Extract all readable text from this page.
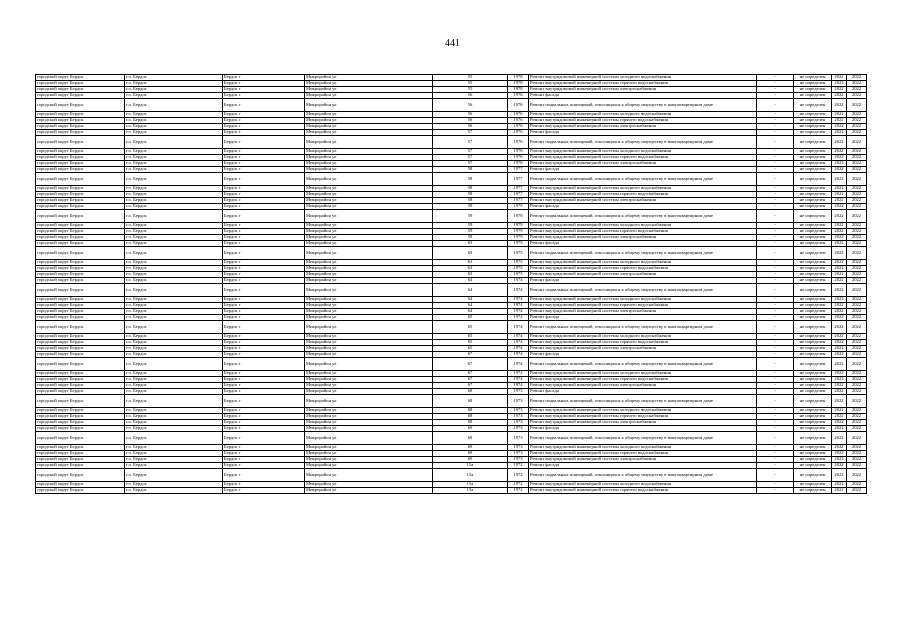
441
городской округ Бердск	г.о. Бердск	Бердск г	Микрорайон ул	55	1978	Ремонт внутридомовой инженерной системы холодного водоснабжения	-	не определен	2022	2022
городской округ Бердск	г.о. Бердск	Бердск г	Микрорайон ул	55	1978	Ремонт внутридомовой инженерной системы горячего водоснабжения	-	не определен	2022	2022
городской округ Бердск	г.о. Бердск	Бердск г	Микрорайон ул	55	1978	Ремонт внутридомовой инженерной системы электроснабжения	-	не определен	2022	2022
городской округ Бердск	г.о. Бердск	Бердск г	Микрорайон ул	56	1976	Ремонт фасада	-	не определен	2022	2022
городской округ Бердск	г.о. Бердск	Бердск г	Микрорайон ул	56	1976	Ремонт подвальных помещений, относящихся к общему имуществу в многоквартирном доме	-	не определен	2022	2022
городской округ Бердск	г.о. Бердск	Бердск г	Микрорайон ул	56	1976	Ремонт внутридомовой инженерной системы холодного водоснабжения	-	не определен	2022	2022
городской округ Бердск	г.о. Бердск	Бердск г	Микрорайон ул	56	1976	Ремонт внутридомовой инженерной системы горячего водоснабжения	-	не определен	2022	2022
городской округ Бердск	г.о. Бердск	Бердск г	Микрорайон ул	56	1976	Ремонт внутридомовой инженерной системы электроснабжения	-	не определен	2022	2022
городской округ Бердск	г.о. Бердск	Бердск г	Микрорайон ул	57	1976	Ремонт фасада	-	не определен	2022	2022
городской округ Бердск	г.о. Бердск	Бердск г	Микрорайон ул	57	1976	Ремонт подвальных помещений, относящихся к общему имуществу в многоквартирном доме	-	не определен	2022	2022
городской округ Бердск	г.о. Бердск	Бердск г	Микрорайон ул	57	1976	Ремонт внутридомовой инженерной системы холодного водоснабжения	-	не определен	2022	2022
городской округ Бердск	г.о. Бердск	Бердск г	Микрорайон ул	57	1976	Ремонт внутридомовой инженерной системы горячего водоснабжения	-	не определен	2022	2022
городской округ Бердск	г.о. Бердск	Бердск г	Микрорайон ул	57	1976	Ремонт внутридомовой инженерной системы электроснабжения	-	не определен	2022	2022
городской округ Бердск	г.о. Бердск	Бердск г	Микрорайон ул	58	1977	Ремонт фасада	-	не определен	2022	2022
городской округ Бердск	г.о. Бердск	Бердск г	Микрорайон ул	58	1977	Ремонт подвальных помещений, относящихся к общему имуществу в многоквартирном доме	-	не определен	2022	2022
городской округ Бердск	г.о. Бердск	Бердск г	Микрорайон ул	58	1977	Ремонт внутридомовой инженерной системы холодного водоснабжения	-	не определен	2022	2022
городской округ Бердск	г.о. Бердск	Бердск г	Микрорайон ул	58	1977	Ремонт внутридомовой инженерной системы горячего водоснабжения	-	не определен	2022	2022
городской округ Бердск	г.о. Бердск	Бердск г	Микрорайон ул	58	1977	Ремонт внутридомовой инженерной системы электроснабжения	-	не определен	2022	2022
городской округ Бердск	г.о. Бердск	Бердск г	Микрорайон ул	59	1979	Ремонт фасада	-	не определен	2022	2022
городской округ Бердск	г.о. Бердск	Бердск г	Микрорайон ул	59	1979	Ремонт подвальных помещений, относящихся к общему имуществу в многоквартирном доме	-	не определен	2022	2022
городской округ Бердск	г.о. Бердск	Бердск г	Микрорайон ул	59	1979	Ремонт внутридомовой инженерной системы холодного водоснабжения	-	не определен	2022	2022
городской округ Бердск	г.о. Бердск	Бердск г	Микрорайон ул	59	1979	Ремонт внутридомовой инженерной системы горячего водоснабжения	-	не определен	2022	2022
городской округ Бердск	г.о. Бердск	Бердск г	Микрорайон ул	59	1979	Ремонт внутридомовой инженерной системы электроснабжения	-	не определен	2022	2022
городской округ Бердск	г.о. Бердск	Бердск г	Микрорайон ул	63	1975	Ремонт фасада	-	не определен	2022	2022
городской округ Бердск	г.о. Бердск	Бердск г	Микрорайон ул	63	1975	Ремонт подвальных помещений, относящихся к общему имуществу в многоквартирном доме	-	не определен	2022	2022
городской округ Бердск	г.о. Бердск	Бердск г	Микрорайон ул	63	1975	Ремонт внутридомовой инженерной системы холодного водоснабжения	-	не определен	2022	2022
городской округ Бердск	г.о. Бердск	Бердск г	Микрорайон ул	63	1975	Ремонт внутридомовой инженерной системы горячего водоснабжения	-	не определен	2022	2022
городской округ Бердск	г.о. Бердск	Бердск г	Микрорайон ул	63	1975	Ремонт внутридомовой инженерной системы электроснабжения	-	не определен	2022	2022
городской округ Бердск	г.о. Бердск	Бердск г	Микрорайон ул	64	1974	Ремонт фасада	-	не определен	2022	2022
городской округ Бердск	г.о. Бердск	Бердск г	Микрорайон ул	64	1974	Ремонт подвальных помещений, относящихся к общему имуществу в многоквартирном доме	-	не определен	2022	2022
городской округ Бердск	г.о. Бердск	Бердск г	Микрорайон ул	64	1974	Ремонт внутридомовой инженерной системы холодного водоснабжения	-	не определен	2022	2022
городской округ Бердск	г.о. Бердск	Бердск г	Микрорайон ул	64	1974	Ремонт внутридомовой инженерной системы горячего водоснабжения	-	не определен	2022	2022
городской округ Бердск	г.о. Бердск	Бердск г	Микрорайон ул	64	1974	Ремонт внутридомовой инженерной системы электроснабжения	-	не определен	2022	2022
городской округ Бердск	г.о. Бердск	Бердск г	Микрорайон ул	65	1974	Ремонт фасада	-	не определен	2022	2022
городской округ Бердск	г.о. Бердск	Бердск г	Микрорайон ул	65	1974	Ремонт подвальных помещений, относящихся к общему имуществу в многоквартирном доме	-	не определен	2022	2022
городской округ Бердск	г.о. Бердск	Бердск г	Микрорайон ул	65	1974	Ремонт внутридомовой инженерной системы холодного водоснабжения	-	не определен	2022	2022
городской округ Бердск	г.о. Бердск	Бердск г	Микрорайон ул	65	1974	Ремонт внутридомовой инженерной системы горячего водоснабжения	-	не определен	2022	2022
городской округ Бердск	г.о. Бердск	Бердск г	Микрорайон ул	65	1974	Ремонт внутридомовой инженерной системы электроснабжения	-	не определен	2022	2022
городской округ Бердск	г.о. Бердск	Бердск г	Микрорайон ул	67	1974	Ремонт фасада	-	не определен	2022	2022
городской округ Бердск	г.о. Бердск	Бердск г	Микрорайон ул	67	1974	Ремонт подвальных помещений, относящихся к общему имуществу в многоквартирном доме	-	не определен	2022	2022
городской округ Бердск	г.о. Бердск	Бердск г	Микрорайон ул	67	1974	Ремонт внутридомовой инженерной системы холодного водоснабжения	-	не определен	2022	2022
городской округ Бердск	г.о. Бердск	Бердск г	Микрорайон ул	67	1974	Ремонт внутридомовой инженерной системы горячего водоснабжения	-	не определен	2022	2022
городской округ Бердск	г.о. Бердск	Бердск г	Микрорайон ул	67	1974	Ремонт внутридомовой инженерной системы электроснабжения	-	не определен	2022	2022
городской округ Бердск	г.о. Бердск	Бердск г	Микрорайон ул	68	1973	Ремонт фасада	-	не определен	2022	2022
городской округ Бердск	г.о. Бердск	Бердск г	Микрорайон ул	68	1973	Ремонт подвальных помещений, относящихся к общему имуществу в многоквартирном доме	-	не определен	2022	2022
городской округ Бердск	г.о. Бердск	Бердск г	Микрорайон ул	68	1973	Ремонт внутридомовой инженерной системы холодного водоснабжения	-	не определен	2022	2022
городской округ Бердск	г.о. Бердск	Бердск г	Микрорайон ул	68	1973	Ремонт внутридомовой инженерной системы горячего водоснабжения	-	не определен	2022	2022
городской округ Бердск	г.о. Бердск	Бердск г	Микрорайон ул	68	1973	Ремонт внутридомовой инженерной системы электроснабжения	-	не определен	2022	2022
городской округ Бердск	г.о. Бердск	Бердск г	Микрорайон ул	69	1973	Ремонт фасада	-	не определен	2022	2022
городской округ Бердск	г.о. Бердск	Бердск г	Микрорайон ул	69	1973	Ремонт подвальных помещений, относящихся к общему имуществу в многоквартирном доме	-	не определен	2022	2022
городской округ Бердск	г.о. Бердск	Бердск г	Микрорайон ул	69	1973	Ремонт внутридомовой инженерной системы холодного водоснабжения	-	не определен	2022	2022
городской округ Бердск	г.о. Бердск	Бердск г	Микрорайон ул	69	1973	Ремонт внутридомовой инженерной системы горячего водоснабжения	-	не определен	2022	2022
городской округ Бердск	г.о. Бердск	Бердск г	Микрорайон ул	69	1973	Ремонт внутридомовой инженерной системы электроснабжения	-	не определен	2022	2022
городской округ Бердск	г.о. Бердск	Бердск г	Микрорайон ул	15а	1972	Ремонт фасада	-	не определен	2022	2022
городской округ Бердск	г.о. Бердск	Бердск г	Микрорайон ул	15а	1972	Ремонт подвальных помещений, относящихся к общему имуществу в многоквартирном доме	-	не определен	2022	2022
городской округ Бердск	г.о. Бердск	Бердск г	Микрорайон ул	15а	1972	Ремонт внутридомовой инженерной системы холодного водоснабжения	-	не определен	2022	2022
городской округ Бердск	г.о. Бердск	Бердск г	Микрорайон ул	15а	1972	Ремонт внутридомовой инженерной системы горячего водоснабжения	-	не определен	2022	2022
